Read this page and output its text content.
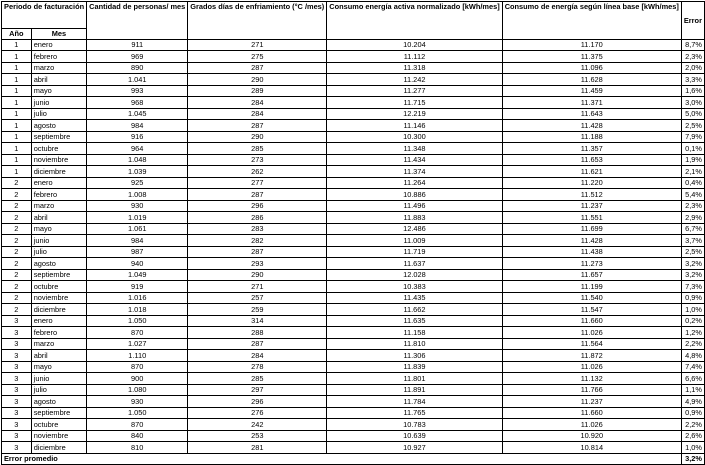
Periodo de facturación		Cantidad de personas/ mes	Grados días de enfriamiento (°C /mes)	Consumo energía activa normalizado [kWh/mes]	Consumo de energía según línea base [kWh/mes]	Error
Año	Mes					
1	enero	911	271	10.204	11.170	8,7%
1	febrero	969	275	11.112	11.375	2,3%
1	marzo	890	287	11.318	11.096	2,0%
1	abril	1.041	290	11.242	11.628	3,3%
1	mayo	993	289	11.277	11.459	1,6%
1	junio	968	284	11.715	11.371	3,0%
1	julio	1.045	284	12.219	11.643	5,0%
1	agosto	984	287	11.146	11.428	2,5%
1	septiembre	916	290	10.300	11.188	7,9%
1	octubre	964	285	11.348	11.357	0,1%
1	noviembre	1.048	273	11.434	11.653	1,9%
1	diciembre	1.039	262	11.374	11.621	2,1%
2	enero	925	277	11.264	11.220	0,4%
2	febrero	1.008	287	10.886	11.512	5,4%
2	marzo	930	296	11.496	11.237	2,3%
2	abril	1.019	286	11.883	11.551	2,9%
2	mayo	1.061	283	12.486	11.699	6,7%
2	junio	984	282	11.009	11.428	3,7%
2	julio	987	287	11.719	11.438	2,5%
2	agosto	940	293	11.637	11.273	3,2%
2	septiembre	1.049	290	12.028	11.657	3,2%
2	octubre	919	271	10.383	11.199	7,3%
2	noviembre	1.016	257	11.435	11.540	0,9%
2	diciembre	1.018	259	11.662	11.547	1,0%
3	enero	1.050	314	11.635	11.660	0,2%
3	febrero	870	288	11.158	11.026	1,2%
3	marzo	1.027	287	11.810	11.564	2,2%
3	abril	1.110	284	11.306	11.872	4,8%
3	mayo	870	278	11.839	11.026	7,4%
3	junio	900	285	11.801	11.132	6,6%
3	julio	1.080	297	11.891	11.766	1,1%
3	agosto	930	296	11.784	11.237	4,9%
3	septiembre	1.050	276	11.765	11.660	0,9%
3	octubre	870	242	10.783	11.026	2,2%
3	noviembre	840	253	10.639	10.920	2,6%
3	diciembre	810	281	10.927	10.814	1,0%
Error promedio						3,2%
